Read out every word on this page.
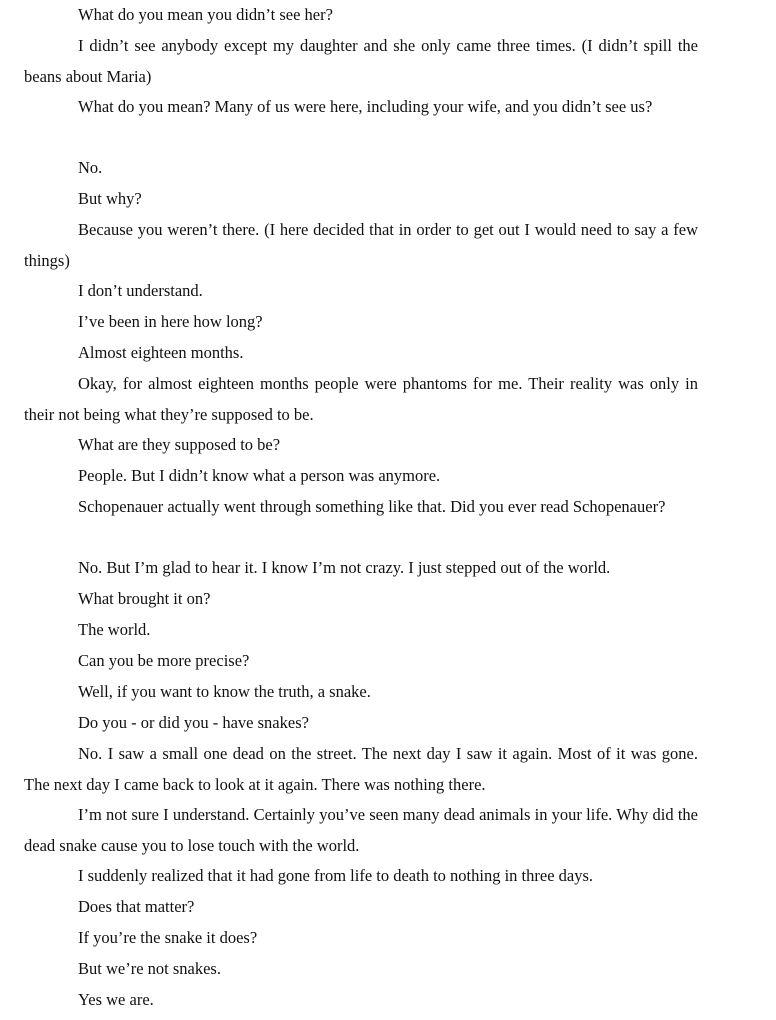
What do you mean you didn’t see her?

I didn’t see anybody except my daughter and she only came three times. (I didn’t spill the beans about Maria)

What do you mean? Many of us were here, including your wife, and you didn’t see us?

No.

But why?

Because you weren’t there. (I here decided that in order to get out I would need to say a few things)

I don’t understand.

I’ve been in here how long?

Almost eighteen months.

Okay, for almost eighteen months people were phantoms for me. Their reality was only in their not being what they’re supposed to be.

What are they supposed to be?

People. But I didn’t know what a person was anymore.

Schopenauer actually went through something like that. Did you ever read Schopenauer?

No. But I’m glad to hear it. I know I’m not crazy. I just stepped out of the world.

What brought it on?

The world.

Can you be more precise?

Well, if you want to know the truth, a snake.

Do you - or did you - have snakes?

No. I saw a small one dead on the street. The next day I saw it again. Most of it was gone. The next day I came back to look at it again. There was nothing there.

I’m not sure I understand. Certainly you’ve seen many dead animals in your life. Why did the dead snake cause you to lose touch with the world.

I suddenly realized that it had gone from life to death to nothing in three days.

Does that matter?

If you’re the snake it does?

But we’re not snakes.

Yes we are.
